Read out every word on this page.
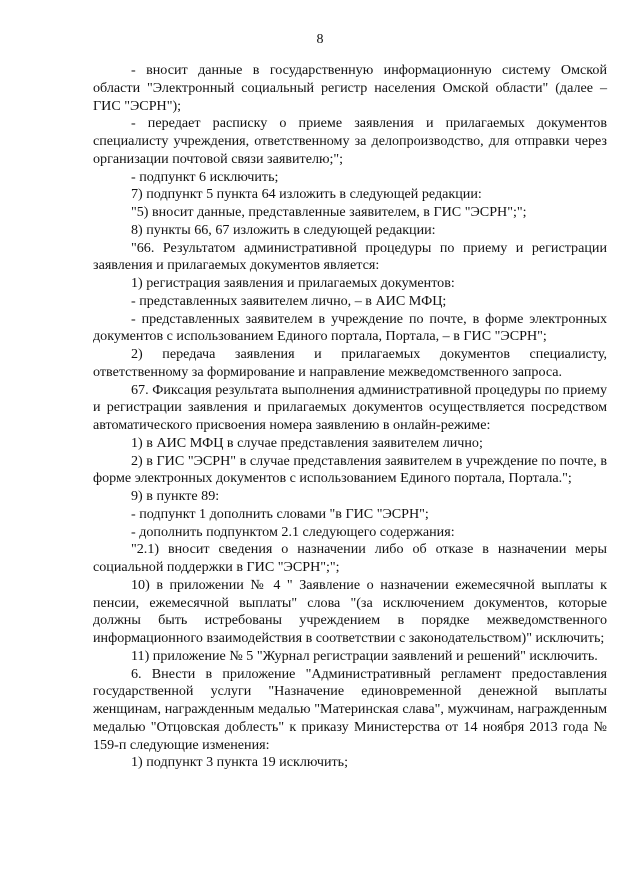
8

- вносит данные в государственную информационную систему Омской области "Электронный социальный регистр населения Омской области" (далее – ГИС "ЭСРН");

- передает расписку о приеме заявления и прилагаемых документов специалисту учреждения, ответственному за делопроизводство, для отправки через организации почтовой связи заявителю;";

- подпункт 6 исключить;

7) подпункт 5 пункта 64 изложить в следующей редакции:

"5) вносит данные, представленные заявителем, в ГИС "ЭСРН";";

8) пункты 66, 67 изложить в следующей редакции:

"66. Результатом административной процедуры по приему и регистрации заявления и прилагаемых документов является:

1) регистрация заявления и прилагаемых документов:

- представленных заявителем лично, – в АИС МФЦ;

- представленных заявителем в учреждение по почте, в форме электронных документов с использованием Единого портала, Портала, – в ГИС "ЭСРН";

2) передача заявления и прилагаемых документов специалисту, ответственному за формирование и направление межведомственного запроса.

67. Фиксация результата выполнения административной процедуры по приему и регистрации заявления и прилагаемых документов осуществляется посредством автоматического присвоения номера заявлению в онлайн-режиме:

1) в АИС МФЦ в случае представления заявителем лично;

2) в ГИС "ЭСРН" в случае представления заявителем в учреждение по почте, в форме электронных документов с использованием Единого портала, Портала.";

9) в пункте 89:

- подпункт 1 дополнить словами "в ГИС "ЭСРН";

- дополнить подпунктом 2.1 следующего содержания:

"2.1) вносит сведения о назначении либо об отказе в назначении меры социальной поддержки в ГИС "ЭСРН";";

10) в приложении № 4 " Заявление о назначении ежемесячной выплаты к пенсии, ежемесячной выплаты" слова "(за исключением документов, которые должны быть истребованы учреждением в порядке межведомственного информационного взаимодействия в соответствии с законодательством)" исключить;

11) приложение № 5 "Журнал регистрации заявлений и решений" исключить.

6. Внести в приложение "Административный регламент предоставления государственной услуги "Назначение единовременной денежной выплаты женщинам, награжденным медалью "Материнская слава", мужчинам, награжденным медалью "Отцовская доблесть" к приказу Министерства от 14 ноября 2013 года № 159-п следующие изменения:

1) подпункт 3 пункта 19 исключить;
